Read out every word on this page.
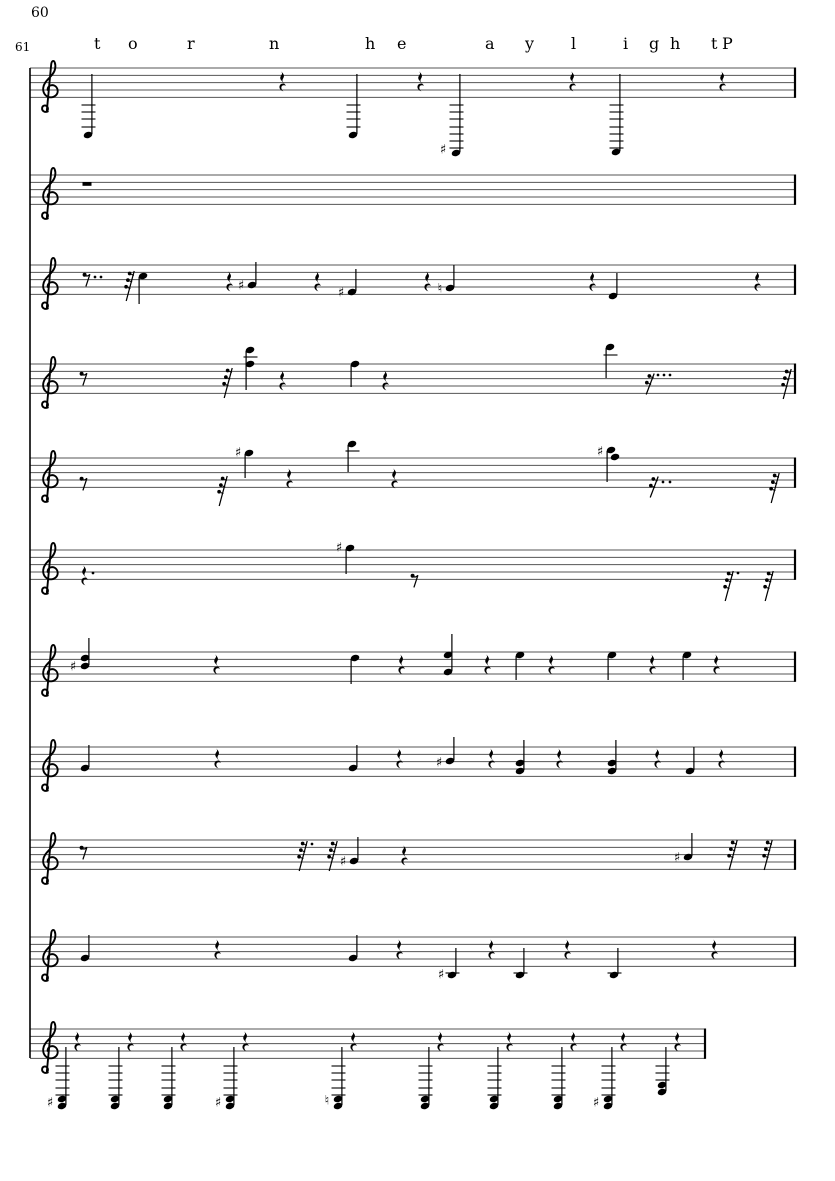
60
61	t o	r	n	h e	a y l	i g h t P
♯
♯	♯	♮
♯	♯
♯
♯
♯
♯	♯
♯
♯	♯	♮	♯
